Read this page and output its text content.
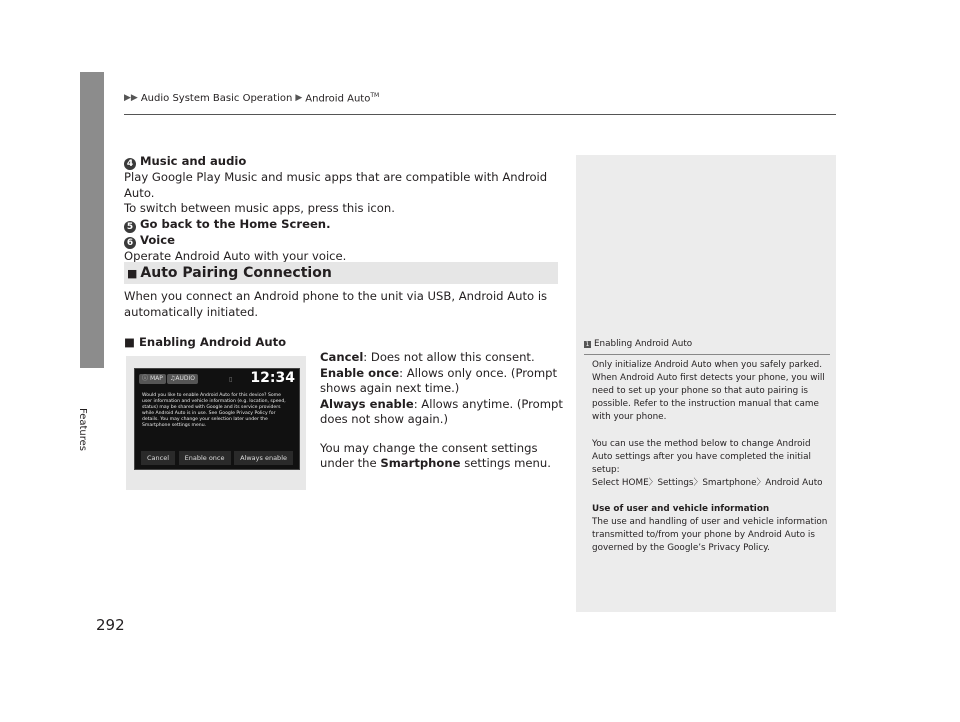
Features
▶▶ Audio System Basic Operation ▶ Android Auto™
4 Music and audio
Play Google Play Music and music apps that are compatible with Android Auto.
To switch between music apps, press this icon.
5 Go back to the Home Screen.
6 Voice
Operate Android Auto with your voice.
■ Auto Pairing Connection
When you connect an Android phone to the unit via USB, Android Auto is automatically initiated.
■ Enabling Android Auto
ⓘ MAP	♫AUDIO	▯ 12:34
Would you like to enable Android Auto for this device? Some user information and vehicle information (e.g. location, speed, status) may be shared with Google and its service providers while Android Auto is in use. See Google Privacy Policy for details. You may change your selection later under the Smartphone settings menu.
Cancel	Enable once	Always enable
Cancel: Does not allow this consent.
Enable once: Allows only once. (Prompt shows again next time.)
Always enable: Allows anytime. (Prompt does not show again.)
You may change the consent settings under the Smartphone settings menu.
1 Enabling Android Auto

Only initialize Android Auto when you safely parked. When Android Auto first detects your phone, you will need to set up your phone so that auto pairing is possible. Refer to the instruction manual that came with your phone.

You can use the method below to change Android Auto settings after you have completed the initial setup:

Select HOME〉Settings〉Smartphone〉Android Auto

Use of user and vehicle information

The use and handling of user and vehicle information transmitted to/from your phone by Android Auto is governed by the Google’s Privacy Policy.

292
